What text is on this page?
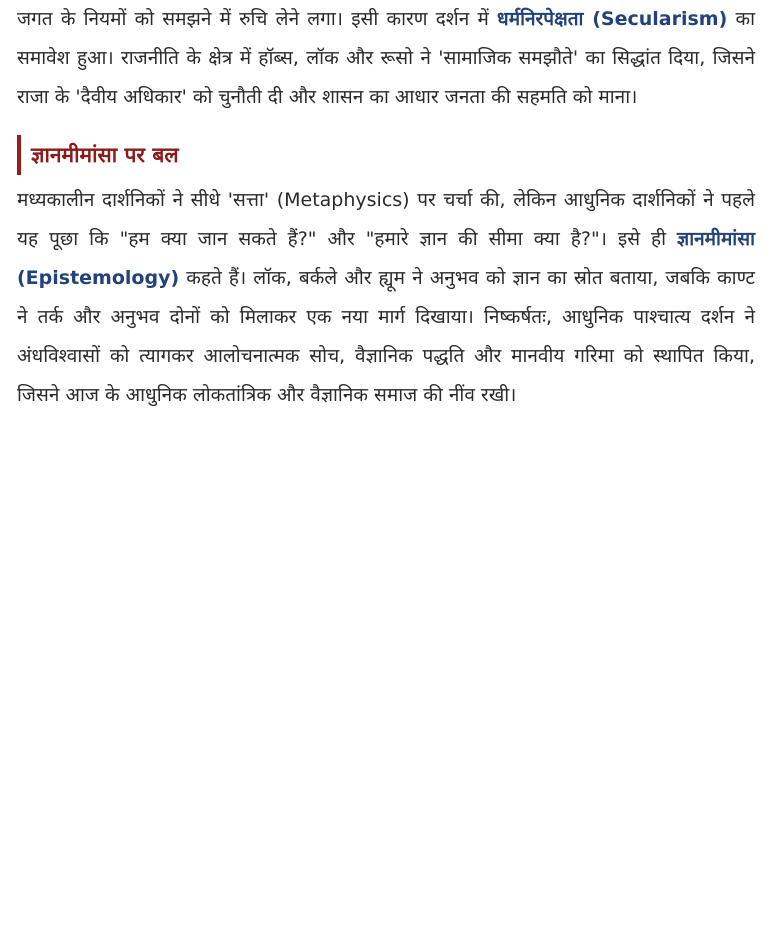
जगत के नियमों को समझने में रुचि लेने लगा। इसी कारण दर्शन में धर्मनिरपेक्षता (Secularism) का समावेश हुआ। राजनीति के क्षेत्र में हॉब्स, लॉक और रूसो ने 'सामाजिक समझौते' का सिद्धांत दिया, जिसने राजा के 'दैवीय अधिकार' को चुनौती दी और शासन का आधार जनता की सहमति को माना।

ज्ञानमीमांसा पर बल

मध्यकालीन दार्शनिकों ने सीधे 'सत्ता' (Metaphysics) पर चर्चा की, लेकिन आधुनिक दार्शनिकों ने पहले यह पूछा कि "हम क्या जान सकते हैं?" और "हमारे ज्ञान की सीमा क्या है?"। इसे ही ज्ञानमीमांसा (Epistemology) कहते हैं। लॉक, बर्कले और ह्यूम ने अनुभव को ज्ञान का स्रोत बताया, जबकि काण्ट ने तर्क और अनुभव दोनों को मिलाकर एक नया मार्ग दिखाया। निष्कर्षतः, आधुनिक पाश्चात्य दर्शन ने अंधविश्वासों को त्यागकर आलोचनात्मक सोच, वैज्ञानिक पद्धति और मानवीय गरिमा को स्थापित किया, जिसने आज के आधुनिक लोकतांत्रिक और वैज्ञानिक समाज की नींव रखी।
